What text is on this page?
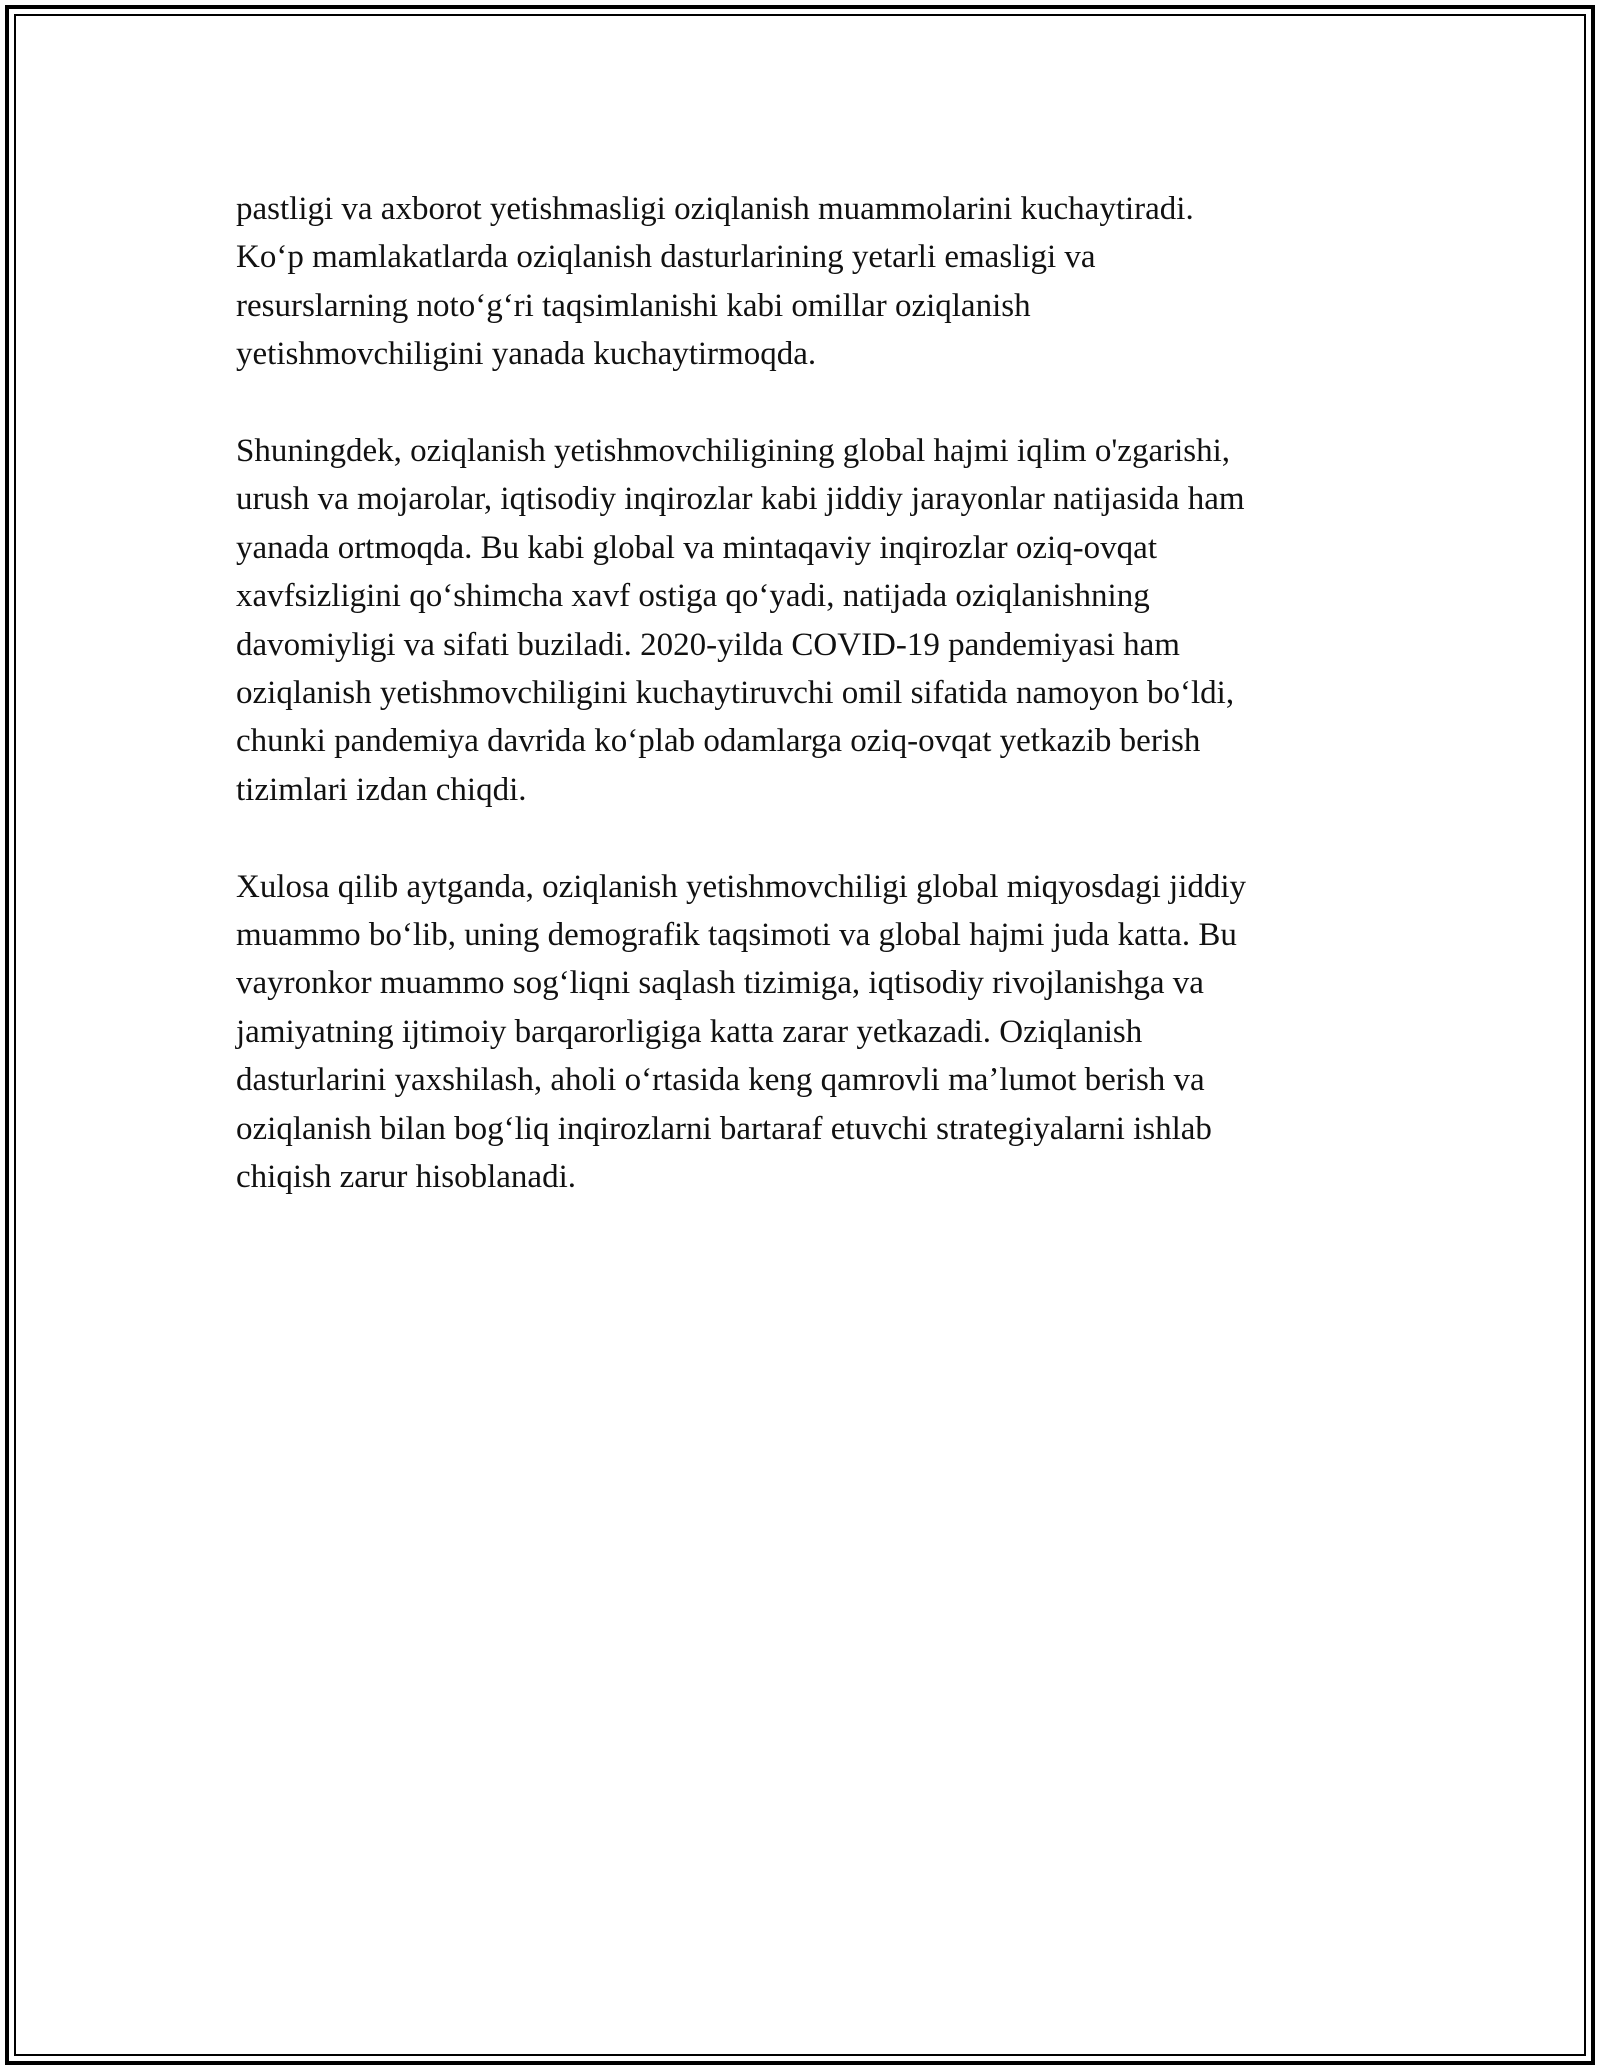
pastligi va axborot yetishmasligi oziqlanish muammolarini kuchaytiradi.
Koʻp mamlakatlarda oziqlanish dasturlarining yetarli emasligi va
resurslarning notoʻgʻri taqsimlanishi kabi omillar oziqlanish
yetishmovchiligini yanada kuchaytirmoqda.

Shuningdek, oziqlanish yetishmovchiligining global hajmi iqlim o'zgarishi,
urush va mojarolar, iqtisodiy inqirozlar kabi jiddiy jarayonlar natijasida ham
yanada ortmoqda. Bu kabi global va mintaqaviy inqirozlar oziq-ovqat
xavfsizligini qoʻshimcha xavf ostiga qoʻyadi, natijada oziqlanishning
davomiyligi va sifati buziladi. 2020-yilda COVID-19 pandemiyasi ham
oziqlanish yetishmovchiligini kuchaytiruvchi omil sifatida namoyon boʻldi,
chunki pandemiya davrida koʻplab odamlarga oziq-ovqat yetkazib berish
tizimlari izdan chiqdi.

Xulosa qilib aytganda, oziqlanish yetishmovchiligi global miqyosdagi jiddiy
muammo boʻlib, uning demografik taqsimoti va global hajmi juda katta. Bu
vayronkor muammo sogʻliqni saqlash tizimiga, iqtisodiy rivojlanishga va
jamiyatning ijtimoiy barqarorligiga katta zarar yetkazadi. Oziqlanish
dasturlarini yaxshilash, aholi oʻrtasida keng qamrovli maʼlumot berish va
oziqlanish bilan bogʻliq inqirozlarni bartaraf etuvchi strategiyalarni ishlab
chiqish zarur hisoblanadi.
